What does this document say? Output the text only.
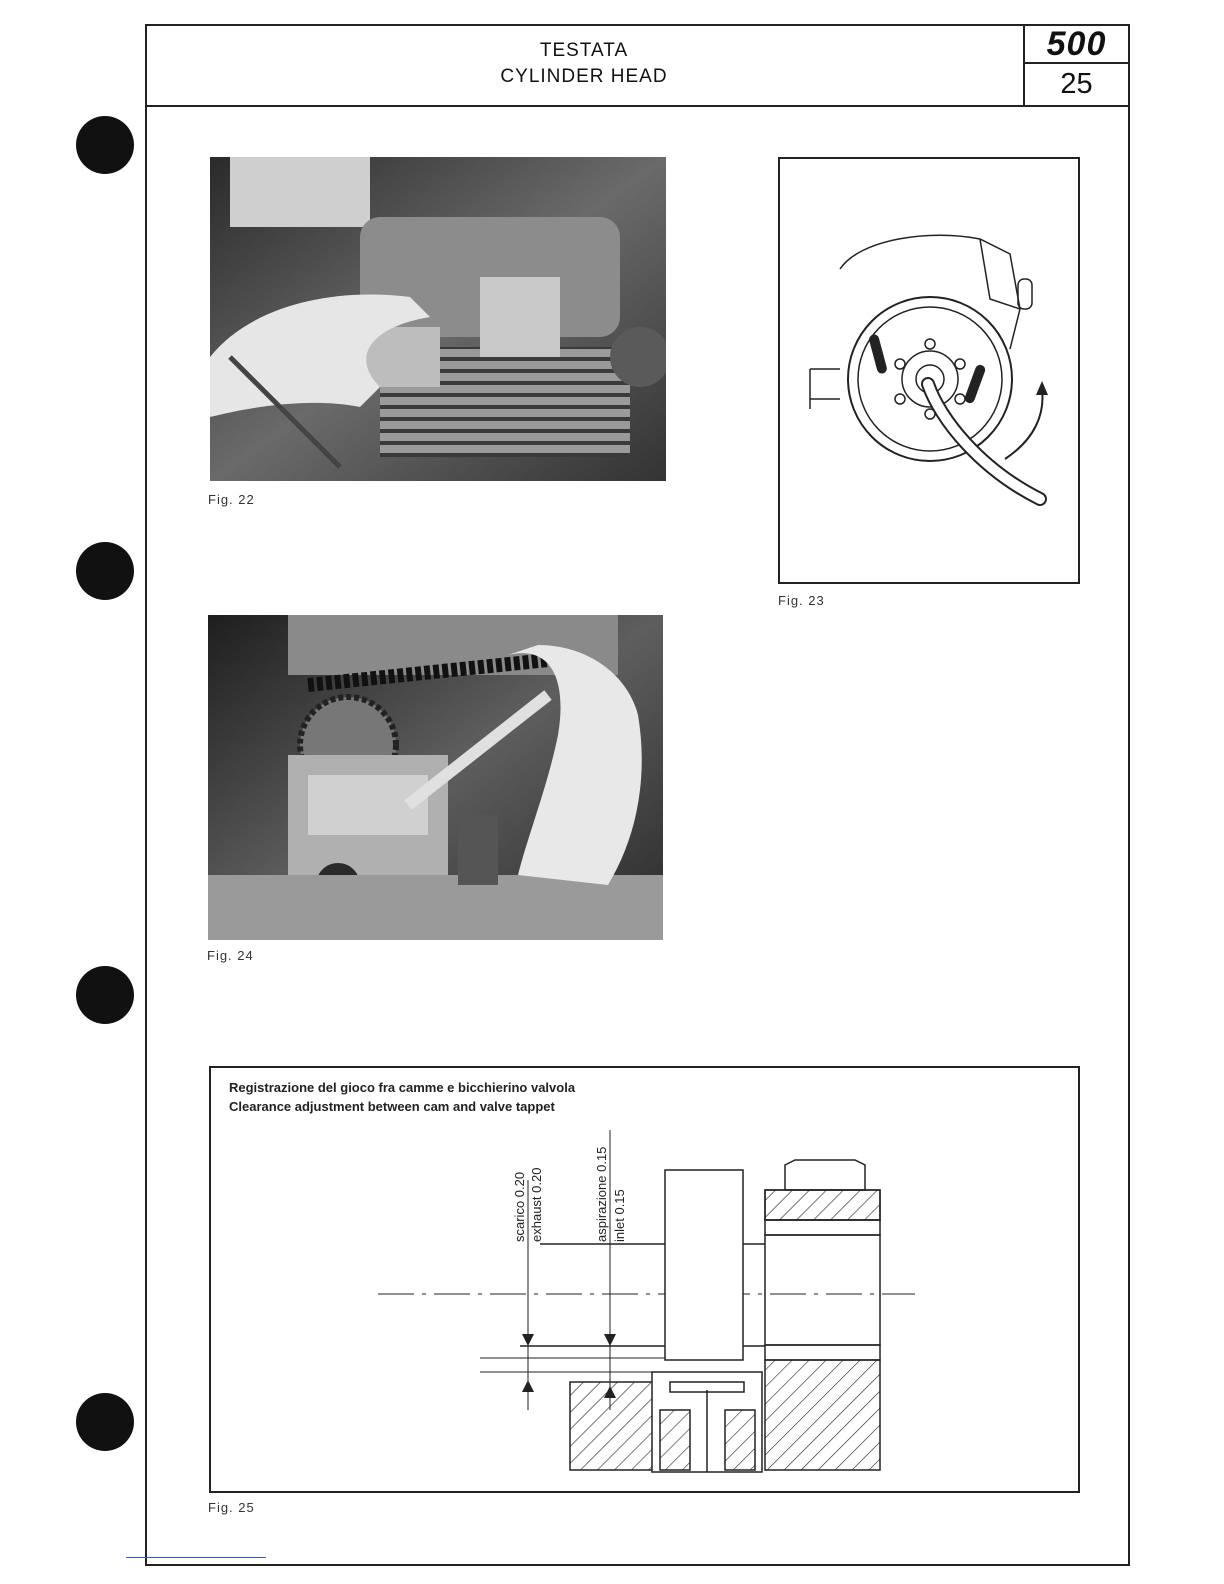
TESTATA
CYLINDER HEAD
500
25
Fig. 22
Fig. 23
Fig. 24
Registrazione del gioco fra camme e bicchierino valvola
Clearance adjustment between cam and valve tappet
scarico 0.20 exhaust 0.20	aspirazione 0.15 inlet 0.15
Fig. 25
